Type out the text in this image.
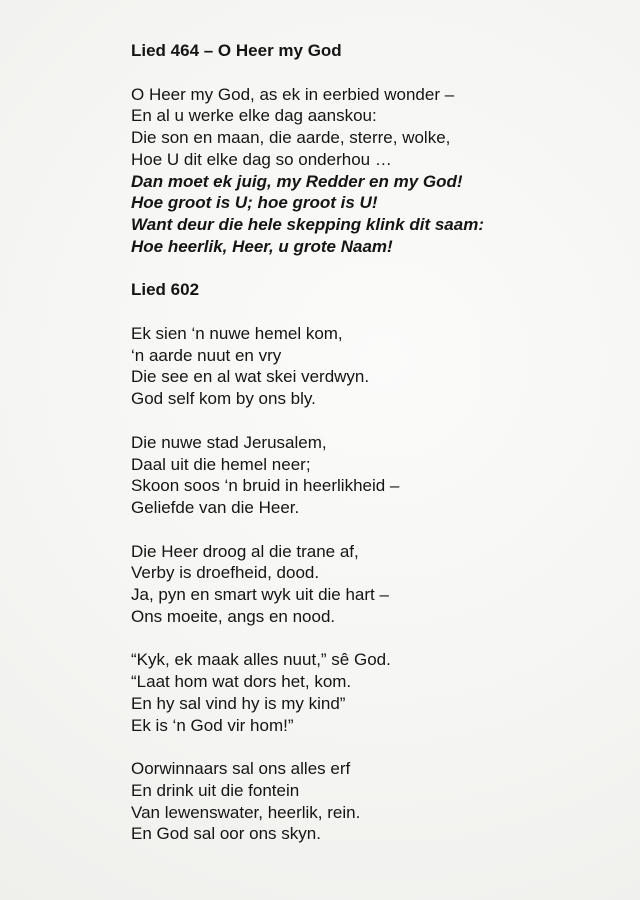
Lied 464 – O Heer my God
O Heer my God, as ek in eerbied wonder –
En al u werke elke dag aanskou:
Die son en maan, die aarde, sterre, wolke,
Hoe U dit elke dag so onderhou …
Dan moet ek juig, my Redder en my God!
Hoe groot is U; hoe groot is U!
Want deur die hele skepping klink dit saam:
Hoe heerlik, Heer, u grote Naam!
Lied 602
Ek sien ‘n nuwe hemel kom,
‘n aarde nuut en vry
Die see en al wat skei verdwyn.
God self kom by ons bly.
Die nuwe stad Jerusalem,
Daal uit die hemel neer;
Skoon soos ‘n bruid in heerlikheid –
Geliefde van die Heer.
Die Heer droog al die trane af,
Verby is droefheid, dood.
Ja, pyn en smart wyk uit die hart –
Ons moeite, angs en nood.
“Kyk, ek maak alles nuut,” sê God.
“Laat hom wat dors het, kom.
En hy sal vind hy is my kind”
Ek is ‘n God vir hom!”
Oorwinnaars sal ons alles erf
En drink uit die fontein
Van lewenswater, heerlik, rein.
En God sal oor ons skyn.
